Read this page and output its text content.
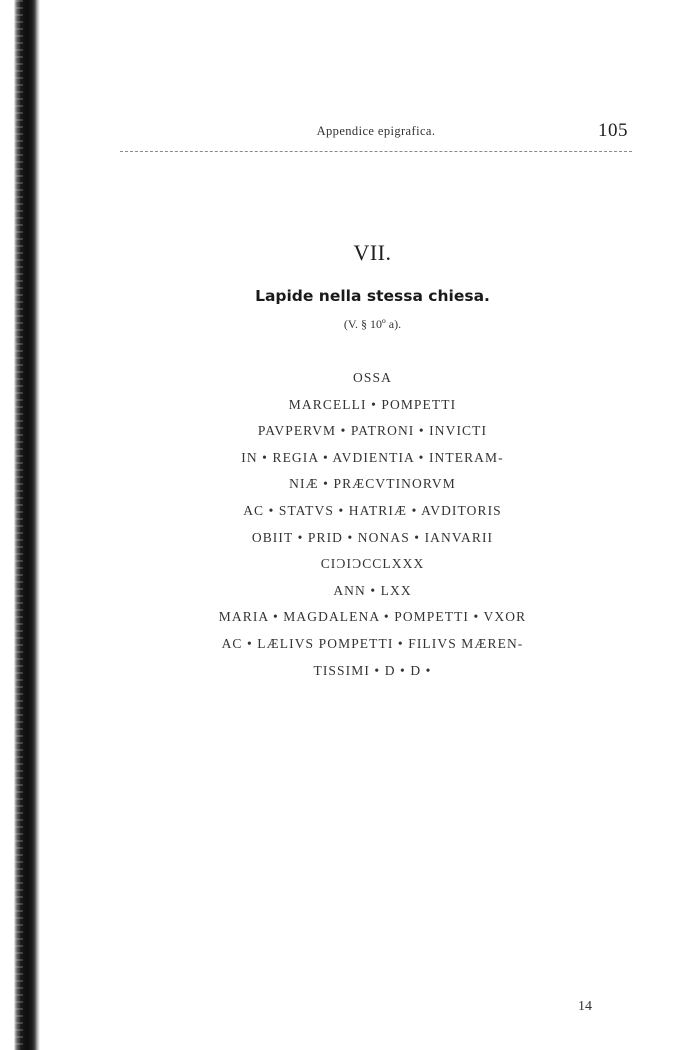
Appendice epigrafica.	105
VII.
Lapide nella stessa chiesa.
(V. § 10º a).
OSSA
MARCELLI • POMPETTI
PAVPERVM • PATRONI • INVICTI
IN • REGIA • AVDIENTIA • INTERAM-
NIÆ • PRÆCVTINORVM
AC • STATVS • HATRIÆ • AVDITORIS
OBIIT • PRID • NONAS • IANVARII
CIƆIƆCCLXXX
ANN • LXX
MARIA • MAGDALENA • POMPETTI • VXOR
AC • LÆLIVS POMPETTI • FILIVS MÆREN-
TISSIMI • D • D •
14
